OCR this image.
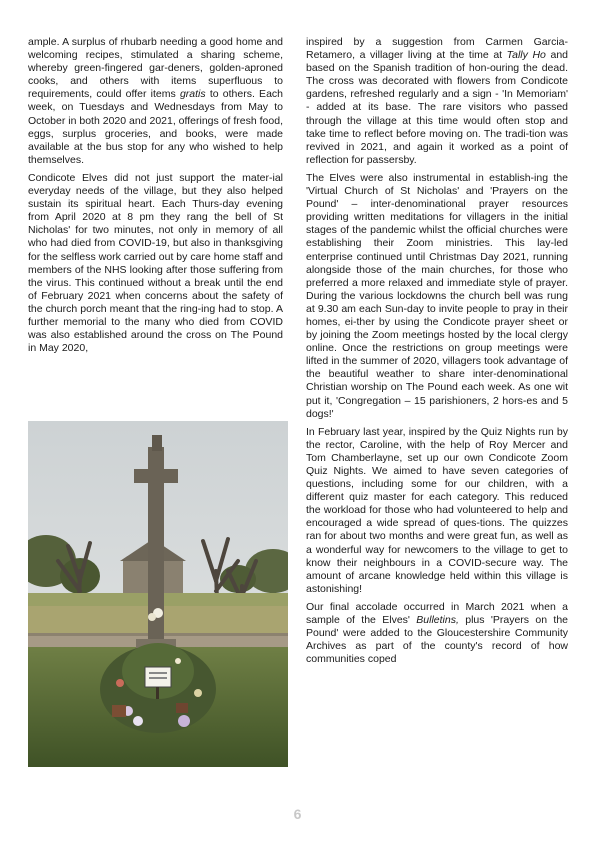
ample. A surplus of rhubarb needing a good home and welcoming recipes, stimulated a sharing scheme, whereby green-fingered gar-deners, golden-aproned cooks, and others with items superfluous to requirements, could offer items gratis to others. Each week, on Tuesdays and Wednesdays from May to October in both 2020 and 2021, offerings of fresh food, eggs, surplus groceries, and books, were made available at the bus stop for any who wished to help themselves.

Condicote Elves did not just support the mater-ial everyday needs of the village, but they also helped sustain its spiritual heart. Each Thurs-day evening from April 2020 at 8 pm they rang the bell of St Nicholas' for two minutes, not only in memory of all who had died from COVID-19, but also in thanksgiving for the selfless work carried out by care home staff and members of the NHS looking after those suffering from the virus. This continued without a break until the end of February 2021 when concerns about the safety of the church porch meant that the ring-ing had to stop. A further memorial to the many who died from COVID was also established around the cross on The Pound in May 2020,

inspired by a suggestion from Carmen Garcia-Retamero, a villager living at the time at Tally Ho and based on the Spanish tradition of hon-ouring the dead. The cross was decorated with flowers from Condicote gardens, refreshed regularly and a sign - 'In Memoriam' - added at its base. The rare visitors who passed through the village at this time would often stop and take time to reflect before moving on. The tradi-tion was revived in 2021, and again it worked as a point of reflection for passersby.

The Elves were also instrumental in establish-ing the 'Virtual Church of St Nicholas' and 'Prayers on the Pound' – inter-denominational prayer resources providing written meditations for villagers in the initial stages of the pandemic whilst the official churches were establishing their Zoom ministries. This lay-led enterprise continued until Christmas Day 2021, running alongside those of the main churches, for those who preferred a more relaxed and immediate style of prayer. During the various lockdowns the church bell was rung at 9.30 am each Sun-day to invite people to pray in their homes, ei-ther by using the Condicote prayer sheet or by joining the Zoom meetings hosted by the local clergy online. Once the restrictions on group meetings were lifted in the summer of 2020, villagers took advantage of the beautiful weather to share inter-denominational Christian worship on The Pound each week. As one wit put it, 'Congregation – 15 parishioners, 2 hors-es and 5 dogs!'

In February last year, inspired by the Quiz Nights run by the rector, Caroline, with the help of Roy Mercer and Tom Chamberlayne, set up our own Condicote Zoom Quiz Nights. We aimed to have seven categories of questions, including some for our children, with a different quiz master for each category. This reduced the workload for those who had volunteered to help and encouraged a wide spread of ques-tions. The quizzes ran for about two months and were great fun, as well as a wonderful way for newcomers to the village to get to know their neighbours in a COVID-secure way. The amount of arcane knowledge held within this village is astonishing!

Our final accolade occurred in March 2021 when a sample of the Elves' Bulletins, plus 'Prayers on the Pound' were added to the Gloucestershire Community Archives as part of the county's record of how communities coped

6
